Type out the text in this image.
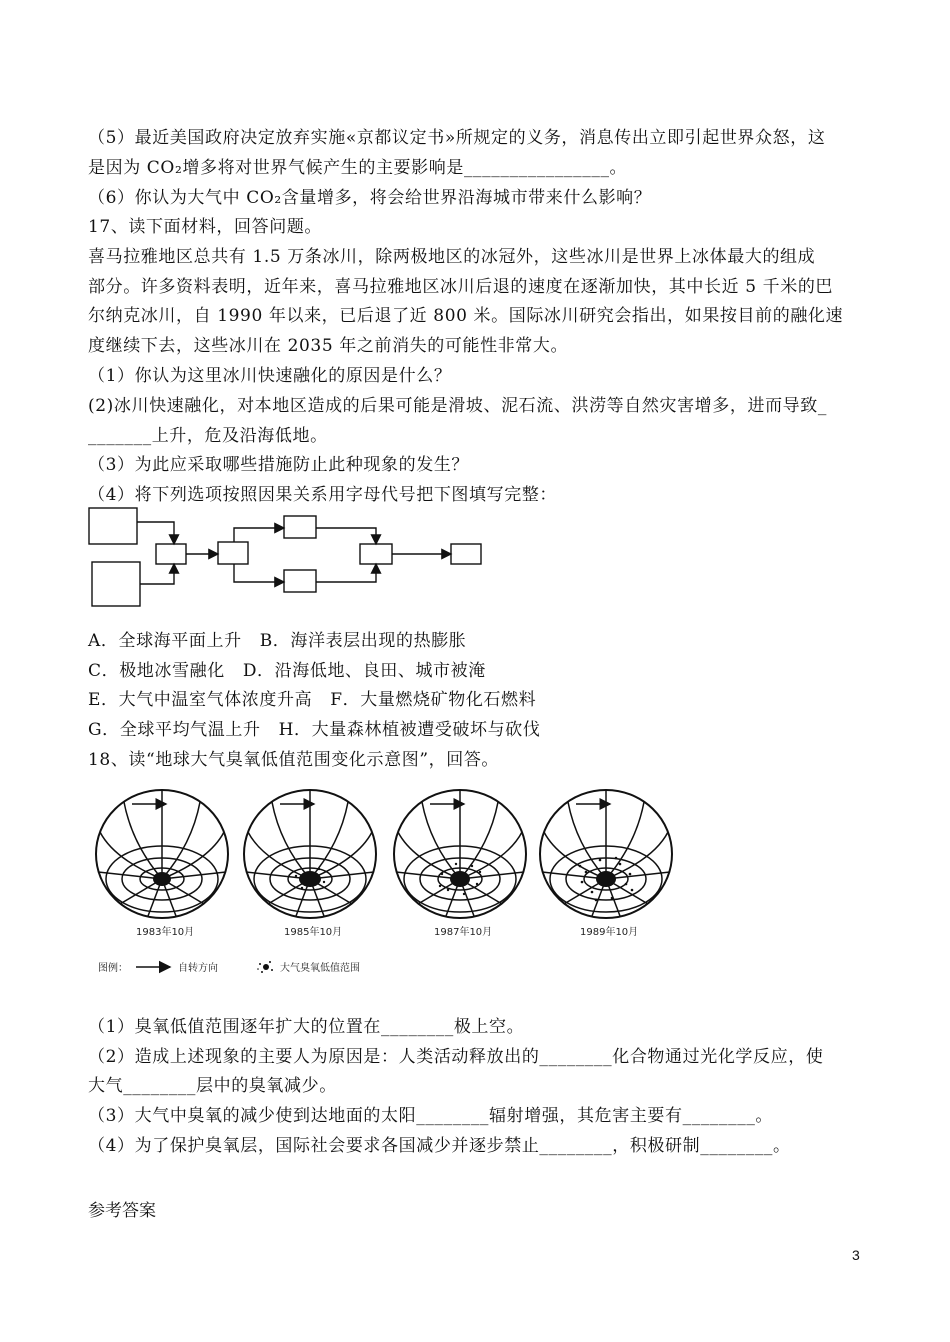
（5）最近美国政府决定放弃实施«京都议定书»所规定的义务，消息传出立即引起世界众怒，这
是因为 CO₂增多将对世界气候产生的主要影响是________________。
（6）你认为大气中 CO₂含量增多，将会给世界沿海城市带来什么影响？
17、读下面材料，回答问题。
喜马拉雅地区总共有 1.5 万条冰川，除两极地区的冰冠外，这些冰川是世界上冰体最大的组成
部分。许多资料表明，近年来，喜马拉雅地区冰川后退的速度在逐渐加快，其中长近 5 千米的巴
尔纳克冰川，自 1990 年以来，已后退了近 800 米。国际冰川研究会指出，如果按目前的融化速
度继续下去，这些冰川在 2035 年之前消失的可能性非常大。
（1）你认为这里冰川快速融化的原因是什么？
(2)冰川快速融化，对本地区造成的后果可能是滑坡、泥石流、洪涝等自然灾害增多，进而导致_
_______上升，危及沿海低地。
（3）为此应采取哪些措施防止此种现象的发生？
（4）将下列选项按照因果关系用字母代号把下图填写完整：
A．全球海平面上升   B．海洋表层出现的热膨胀
C．极地冰雪融化   D．沿海低地、良田、城市被淹
E．大气中温室气体浓度升高   F．大量燃烧矿物化石燃料
G．全球平均气温上升   H．大量森林植被遭受破坏与砍伐
18、读“地球大气臭氧低值范围变化示意图”，回答。
1983年10月	1985年10月	1987年10月	1989年10月
图例：	自转方向	大气臭氧低值范围
（1）臭氧低值范围逐年扩大的位置在________极上空。
（2）造成上述现象的主要人为原因是：人类活动释放出的________化合物通过光化学反应，使
大气________层中的臭氧减少。
（3）大气中臭氧的减少使到达地面的太阳________辐射增强，其危害主要有________。
（4）为了保护臭氧层，国际社会要求各国减少并逐步禁止________，积极研制________。
参考答案
3
